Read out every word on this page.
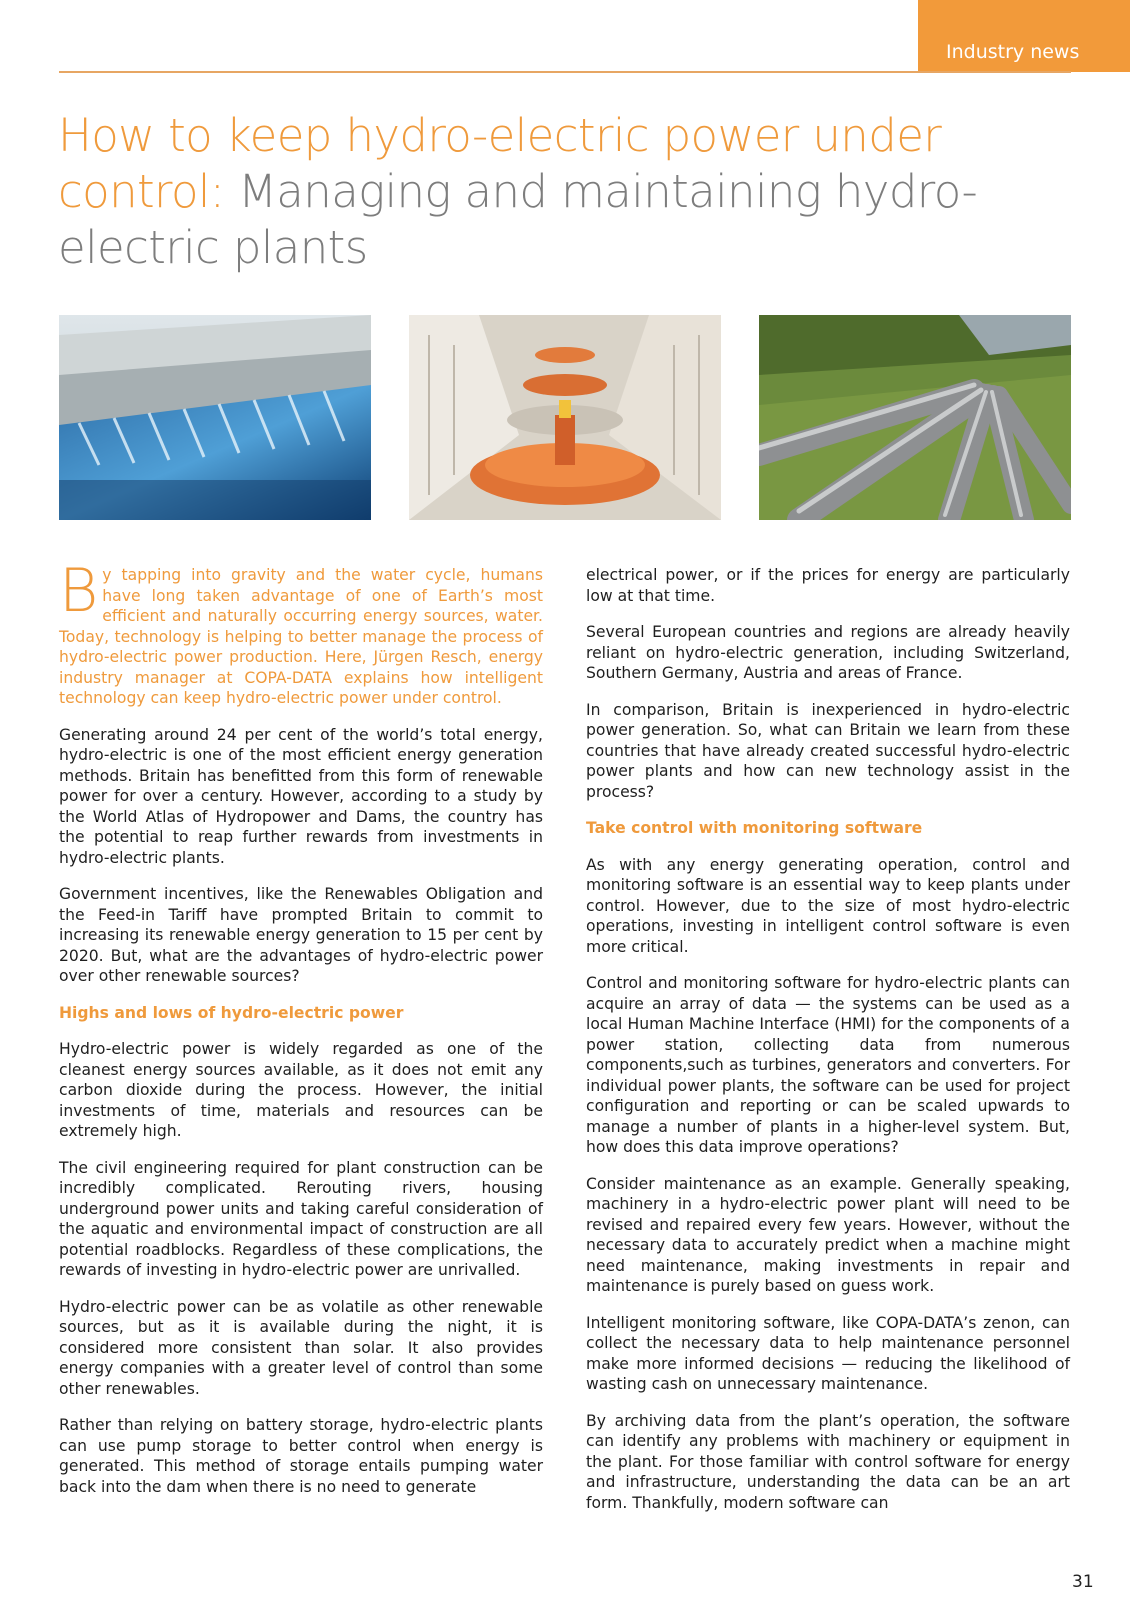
Industry news
How to keep hydro-electric power under control: Managing and maintaining hydro-electric plants

By tapping into gravity and the water cycle, humans have long taken advantage of one of Earth’s most efficient and naturally occurring energy sources, water. Today, technology is helping to better manage the process of hydro-electric power production. Here, Jürgen Resch, energy industry manager at COPA-DATA explains how intelligent technology can keep hydro-electric power under control.

Generating around 24 per cent of the world’s total energy, hydro-electric is one of the most efficient energy generation methods. Britain has benefitted from this form of renewable power for over a century. However, according to a study by the World Atlas of Hydropower and Dams, the country has the potential to reap further rewards from investments in hydro-electric plants.

Government incentives, like the Renewables Obligation and the Feed-in Tariff have prompted Britain to commit to increasing its renewable energy generation to 15 per cent by 2020. But, what are the advantages of hydro-electric power over other renewable sources?

Highs and lows of hydro-electric power

Hydro-electric power is widely regarded as one of the cleanest energy sources available, as it does not emit any carbon dioxide during the process. However, the initial investments of time, materials and resources can be extremely high.

The civil engineering required for plant construction can be incredibly complicated. Rerouting rivers, housing underground power units and taking careful consideration of the aquatic and environmental impact of construction are all potential roadblocks. Regardless of these complications, the rewards of investing in hydro-electric power are unrivalled.

Hydro-electric power can be as volatile as other renewable sources, but as it is available during the night, it is considered more consistent than solar. It also provides energy companies with a greater level of control than some other renewables.

Rather than relying on battery storage, hydro-electric plants can use pump storage to better control when energy is generated. This method of storage entails pumping water back into the dam when there is no need to generate

electrical power, or if the prices for energy are particularly low at that time.

Several European countries and regions are already heavily reliant on hydro-electric generation, including Switzerland, Southern Germany, Austria and areas of France.

In comparison, Britain is inexperienced in hydro-electric power generation. So, what can Britain we learn from these countries that have already created successful hydro-electric power plants and how can new technology assist in the process?

Take control with monitoring software

As with any energy generating operation, control and monitoring software is an essential way to keep plants under control. However, due to the size of most hydro-electric operations, investing in intelligent control software is even more critical.

Control and monitoring software for hydro-electric plants can acquire an array of data — the systems can be used as a local Human Machine Interface (HMI) for the components of a power station, collecting data from numerous components,such as turbines, generators and converters. For individual power plants, the software can be used for project configuration and reporting or can be scaled upwards to manage a number of plants in a higher-level system. But, how does this data improve operations?

Consider maintenance as an example. Generally speaking, machinery in a hydro-electric power plant will need to be revised and repaired every few years. However, without the necessary data to accurately predict when a machine might need maintenance, making investments in repair and maintenance is purely based on guess work.

Intelligent monitoring software, like COPA-DATA’s zenon, can collect the necessary data to help maintenance personnel make more informed decisions — reducing the likelihood of wasting cash on unnecessary maintenance.

By archiving data from the plant’s operation, the software can identify any problems with machinery or equipment in the plant. For those familiar with control software for energy and infrastructure, understanding the data can be an art form. Thankfully, modern software can

31
